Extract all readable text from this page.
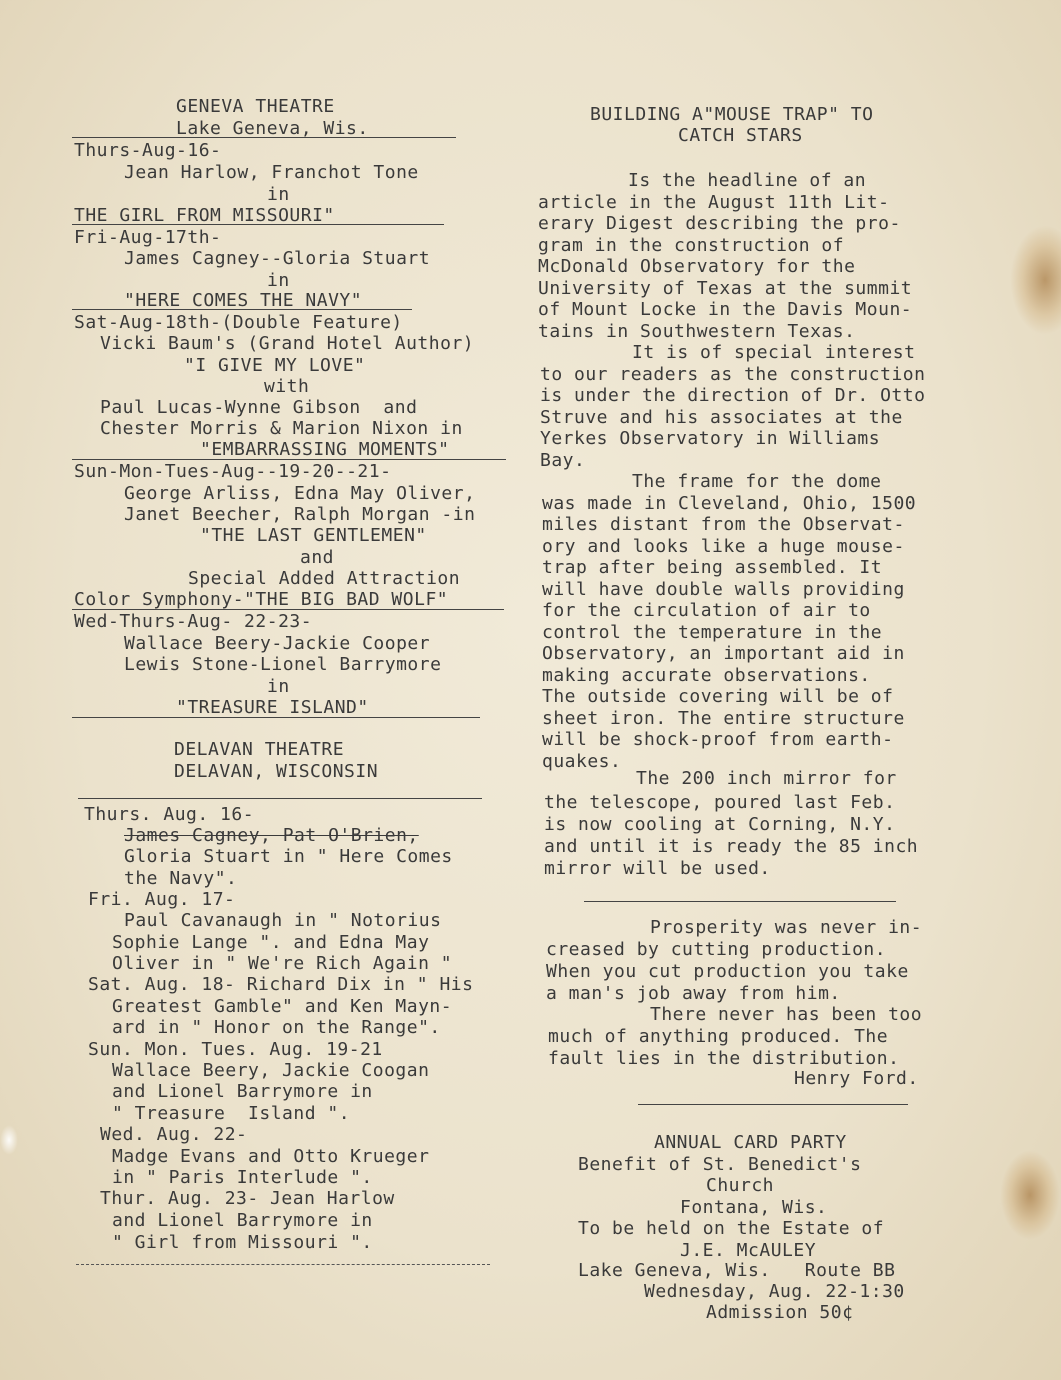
GENEVA THEATRE
Lake Geneva, Wis.
Thurs-Aug-16-
Jean Harlow, Franchot Tone
in
THE GIRL FROM MISSOURI"
Fri-Aug-17th-
James Cagney--Gloria Stuart
in
"HERE COMES THE NAVY"
Sat-Aug-18th-(Double Feature)
Vicki Baum's (Grand Hotel Author)
"I GIVE MY LOVE"
with
Paul Lucas-Wynne Gibson  and
Chester Morris & Marion Nixon in
"EMBARRASSING MOMENTS"
Sun-Mon-Tues-Aug--19-20--21-
George Arliss, Edna May Oliver,
Janet Beecher, Ralph Morgan -in
"THE LAST GENTLEMEN"
and
Special Added Attraction
Color Symphony-"THE BIG BAD WOLF"
Wed-Thurs-Aug- 22-23-
Wallace Beery-Jackie Cooper
Lewis Stone-Lionel Barrymore
in
"TREASURE ISLAND"
DELAVAN THEATRE
DELAVAN, WISCONSIN
Thurs. Aug. 16-
James Cagney, Pat O'Brien,
Gloria Stuart in " Here Comes
the Navy".
Fri. Aug. 17-
Paul Cavanaugh in " Notorius
Sophie Lange ". and Edna May
Oliver in " We're Rich Again "
Sat. Aug. 18- Richard Dix in " His
Greatest Gamble" and Ken Mayn-
ard in " Honor on the Range".
Sun. Mon. Tues. Aug. 19-21
Wallace Beery, Jackie Coogan
and Lionel Barrymore in
" Treasure  Island ".
Wed. Aug. 22-
Madge Evans and Otto Krueger
in " Paris Interlude ".
Thur. Aug. 23- Jean Harlow
and Lionel Barrymore in
" Girl from Missouri ".
BUILDING A"MOUSE TRAP" TO
CATCH STARS
Is the headline of an
article in the August 11th Lit-
erary Digest describing the pro-
gram in the construction of
McDonald Observatory for the
University of Texas at the summit
of Mount Locke in the Davis Moun-
tains in Southwestern Texas.
It is of special interest
to our readers as the construction
is under the direction of Dr. Otto
Struve and his associates at the
Yerkes Observatory in Williams
Bay.
The frame for the dome
was made in Cleveland, Ohio, 1500
miles distant from the Observat-
ory and looks like a huge mouse-
trap after being assembled. It
will have double walls providing
for the circulation of air to
control the temperature in the
Observatory, an important aid in
making accurate observations.
The outside covering will be of
sheet iron. The entire structure
will be shock-proof from earth-
quakes.
The 200 inch mirror for
the telescope, poured last Feb.
is now cooling at Corning, N.Y.
and until it is ready the 85 inch
mirror will be used.
Prosperity was never in-
creased by cutting production.
When you cut production you take
a man's job away from him.
There never has been too
much of anything produced. The
fault lies in the distribution.
Henry Ford.
ANNUAL CARD PARTY
Benefit of St. Benedict's
Church
Fontana, Wis.
To be held on the Estate of
J.E. McAULEY
Lake Geneva, Wis.   Route BB
Wednesday, Aug. 22-1:30
Admission 50¢
